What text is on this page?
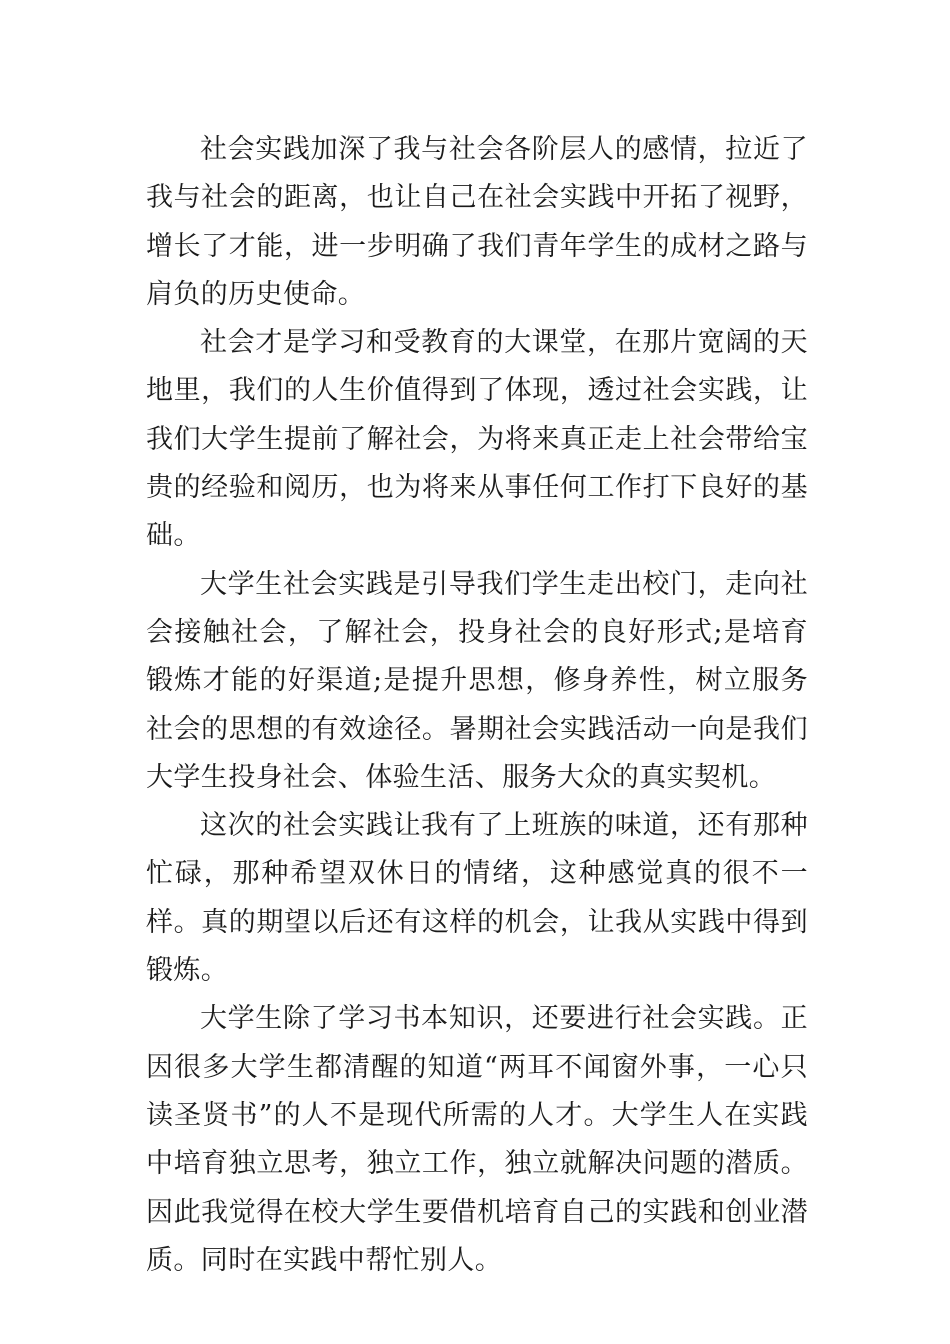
社会实践加深了我与社会各阶层人的感情，拉近了我与社会的距离，也让自己在社会实践中开拓了视野，增长了才能，进一步明确了我们青年学生的成材之路与肩负的历史使命。

社会才是学习和受教育的大课堂，在那片宽阔的天地里，我们的人生价值得到了体现，透过社会实践，让我们大学生提前了解社会，为将来真正走上社会带给宝贵的经验和阅历，也为将来从事任何工作打下良好的基础。

大学生社会实践是引导我们学生走出校门，走向社会接触社会，了解社会，投身社会的良好形式;是培育锻炼才能的好渠道;是提升思想，修身养性，树立服务社会的思想的有效途径。暑期社会实践活动一向是我们大学生投身社会、体验生活、服务大众的真实契机。

这次的社会实践让我有了上班族的味道，还有那种忙碌，那种希望双休日的情绪，这种感觉真的很不一样。真的期望以后还有这样的机会，让我从实践中得到锻炼。

大学生除了学习书本知识，还要进行社会实践。正因很多大学生都清醒的知道“两耳不闻窗外事，一心只读圣贤书”的人不是现代所需的人才。大学生人在实践中培育独立思考，独立工作，独立就解决问题的潜质。因此我觉得在校大学生要借机培育自己的实践和创业潜质。同时在实践中帮忙别人。
